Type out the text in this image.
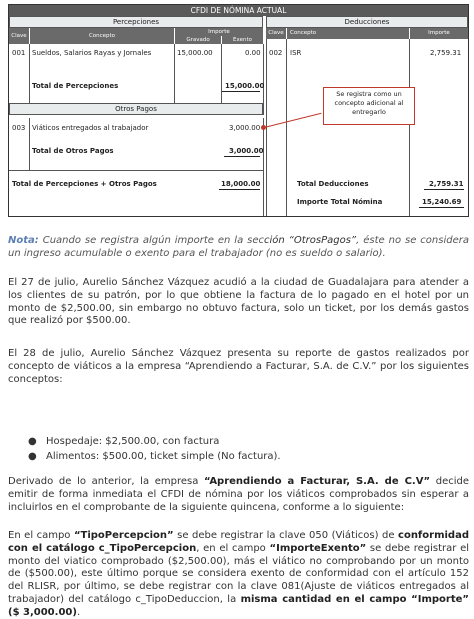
CFDI DE NÓMINA ACTUAL
Percepciones	Deducciones
Clave	Concepto
Importe
Gravado	Exento
Clave	Concepto	Importe
001 Sueldos, Salarios Rayas y Jornales	15,000.00	0.00
Total de Percepciones	15,000.00
Otros Pagos
003 Viáticos entregados al trabajador	3,000.00
Total de Otros Pagos	3,000.00
Total de Percepciones + Otros Pagos	18,000.00
002 ISR	2,759.31
Total Deducciones	2,759.31
Importe Total Nómina	15,240.69
Se registra como un concepto adicional al entregarlo
Nota: Cuando se registra algún importe en la sección “OtrosPagos”, éste no se considera un ingreso acumulable o exento para el trabajador (no es sueldo o salario).
El 27 de julio, Aurelio Sánchez Vázquez acudió a la ciudad de Guadalajara para atender a los clientes de su patrón, por lo que obtiene la factura de lo pagado en el hotel por un monto de $2,500.00, sin embargo no obtuvo factura, solo un ticket, por los demás gastos que realizó por $500.00.
El 28 de julio, Aurelio Sánchez Vázquez presenta su reporte de gastos realizados por concepto de viáticos a la empresa “Aprendiendo a Facturar, S.A. de C.V.” por los siguientes conceptos:
● Hospedaje: $2,500.00, con factura
● Alimentos: $500.00, ticket simple (No factura).
Derivado de lo anterior, la empresa “Aprendiendo a Facturar, S.A. de C.V” decide emitir de forma inmediata el CFDI de nómina por los viáticos comprobados sin esperar a incluirlos en el comprobante de la siguiente quincena, conforme a lo siguiente:
En el campo “TipoPercepcion” se debe registrar la clave 050 (Viáticos) de conformidad con el catálogo c_TipoPercepcion, en el campo “ImporteExento” se debe registrar el monto del viatico comprobado ($2,500.00), más el viático no comprobando por un monto de ($500.00), este último porque se considera exento de conformidad con el artículo 152 del RLISR, por último, se debe registrar con la clave 081(Ajuste de viáticos entregados al trabajador) del catálogo c_TipoDeduccion, la misma cantidad en el campo “Importe” ($ 3,000.00).
